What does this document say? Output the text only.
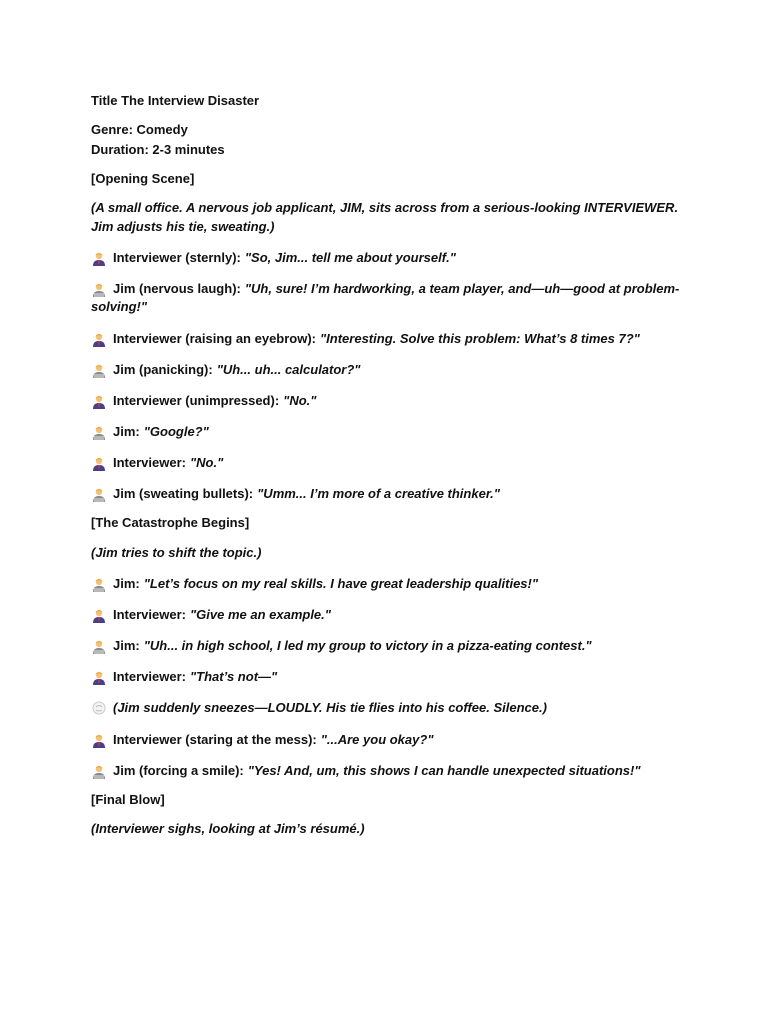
Title The Interview Disaster
Genre: Comedy
Duration: 2-3 minutes
[Opening Scene]
(A small office. A nervous job applicant, JIM, sits across from a serious-looking INTERVIEWER.
Jim adjusts his tie, sweating.)
Interviewer (sternly): "So, Jim... tell me about yourself."
Jim (nervous laugh): "Uh, sure! I’m hardworking, a team player, and—uh—good at problem-
solving!"
Interviewer (raising an eyebrow): "Interesting. Solve this problem: What’s 8 times 7?"
Jim (panicking): "Uh... uh... calculator?"
Interviewer (unimpressed): "No."
Jim: "Google?"
Interviewer: "No."
Jim (sweating bullets): "Umm... I’m more of a creative thinker."
[The Catastrophe Begins]
(Jim tries to shift the topic.)
Jim: "Let’s focus on my real skills. I have great leadership qualities!"
Interviewer: "Give me an example."
Jim: "Uh... in high school, I led my group to victory in a pizza-eating contest."
Interviewer: "That’s not—"
(Jim suddenly sneezes—LOUDLY. His tie flies into his coffee. Silence.)
Interviewer (staring at the mess): "...Are you okay?"
Jim (forcing a smile): "Yes! And, um, this shows I can handle unexpected situations!"
[Final Blow]
(Interviewer sighs, looking at Jim’s résumé.)
